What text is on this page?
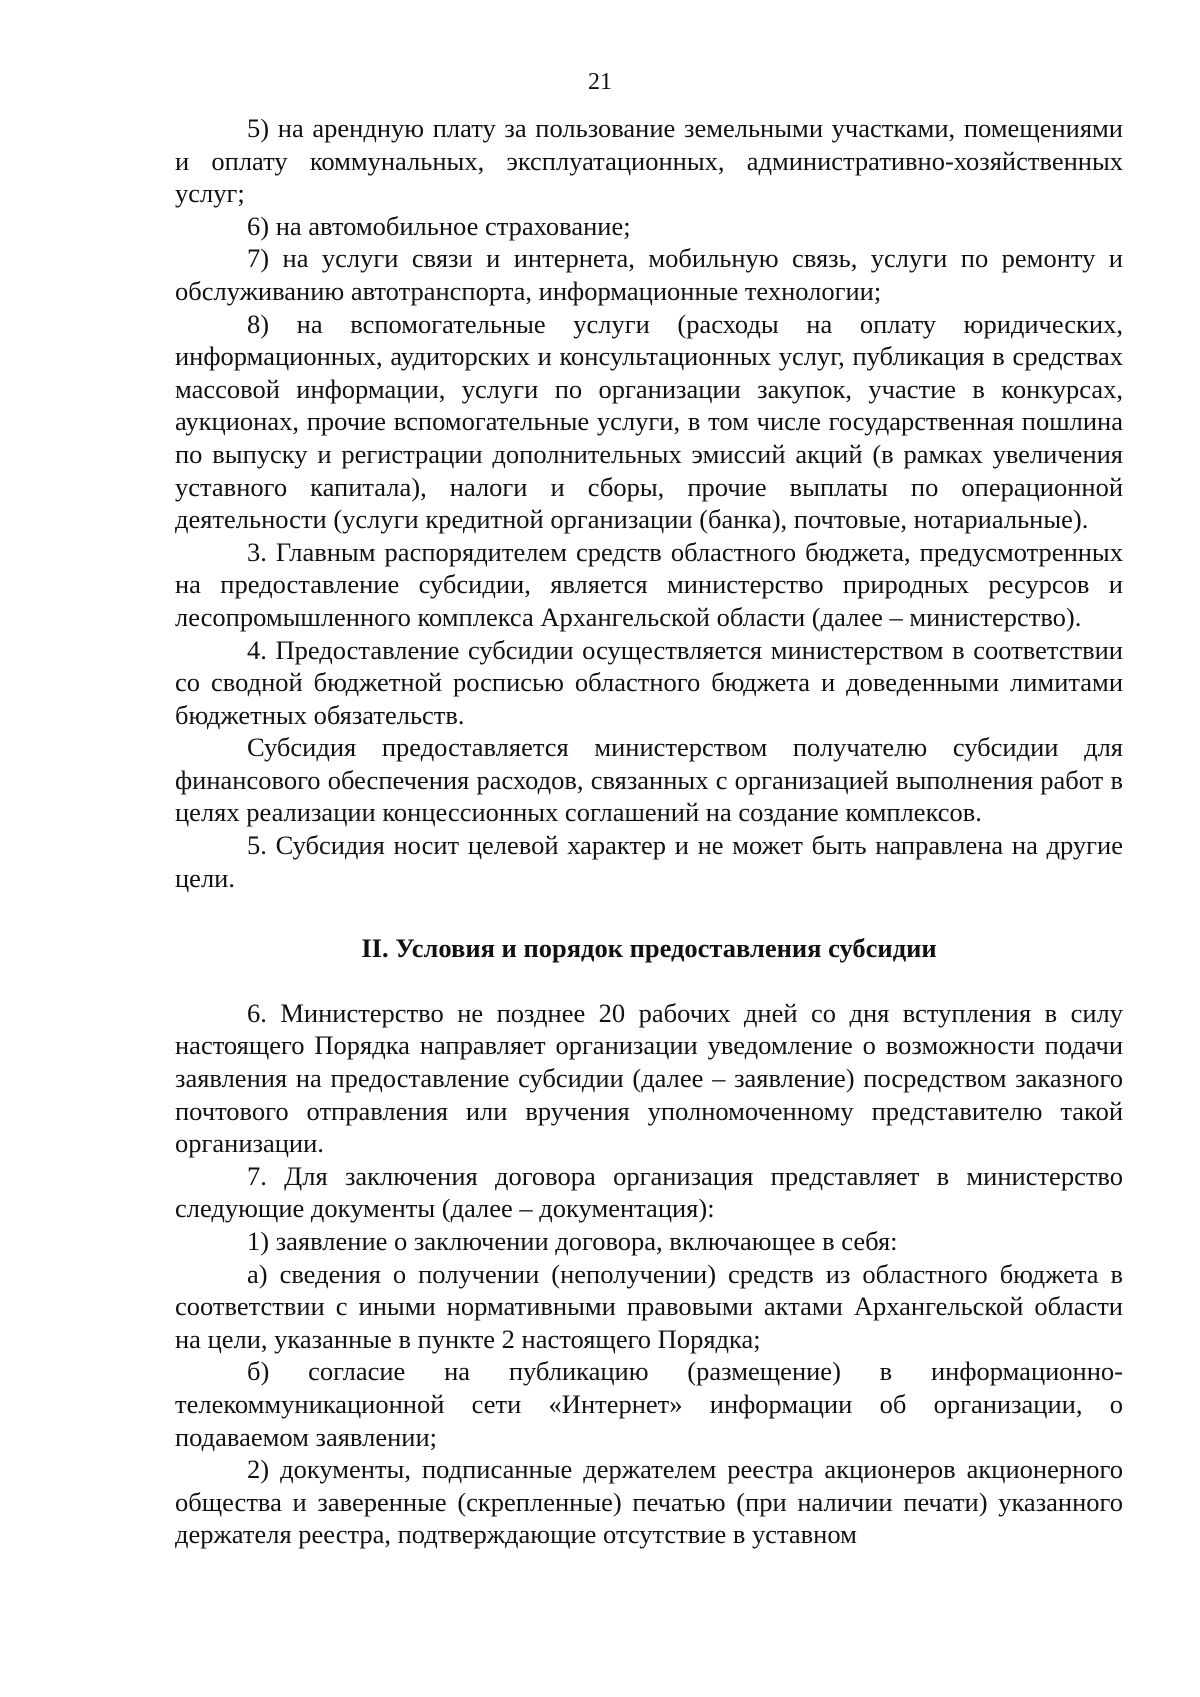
21

5) на арендную плату за пользование земельными участками, помещениями и оплату коммунальных, эксплуатационных, административно-хозяйственных услуг;

6) на автомобильное страхование;

7) на услуги связи и интернета, мобильную связь, услуги по ремонту и обслуживанию автотранспорта, информационные технологии;

8) на вспомогательные услуги (расходы на оплату юридических, информационных, аудиторских и консультационных услуг, публикация в средствах массовой информации, услуги по организации закупок, участие в конкурсах, аукционах, прочие вспомогательные услуги, в том числе государственная пошлина по выпуску и регистрации дополнительных эмиссий акций (в рамках увеличения уставного капитала), налоги и сборы, прочие выплаты по операционной деятельности (услуги кредитной организации (банка), почтовые, нотариальные).

3. Главным распорядителем средств областного бюджета, предусмотренных на предоставление субсидии, является министерство природных ресурсов и лесопромышленного комплекса Архангельской области (далее – министерство).

4. Предоставление субсидии осуществляется министерством в соответствии со сводной бюджетной росписью областного бюджета и доведенными лимитами бюджетных обязательств.

Субсидия предоставляется министерством получателю субсидии для финансового обеспечения расходов, связанных с организацией выполнения работ в целях реализации концессионных соглашений на создание комплексов.

5. Субсидия носит целевой характер и не может быть направлена на другие цели.

II. Условия и порядок предоставления субсидии

6. Министерство не позднее 20 рабочих дней со дня вступления в силу настоящего Порядка направляет организации уведомление о возможности подачи заявления на предоставление субсидии (далее – заявление) посредством заказного почтового отправления или вручения уполномоченному представителю такой организации.

7. Для заключения договора организация представляет в министерство следующие документы (далее – документация):

1) заявление о заключении договора, включающее в себя:

а) сведения о получении (неполучении) средств из областного бюджета в соответствии с иными нормативными правовыми актами Архангельской области на цели, указанные в пункте 2 настоящего Порядка;

б) согласие на публикацию (размещение) в информационно-телекоммуникационной сети «Интернет» информации об организации, о подаваемом заявлении;

2) документы, подписанные держателем реестра акционеров акционерного общества и заверенные (скрепленные) печатью (при наличии печати) указанного держателя реестра, подтверждающие отсутствие в уставном
